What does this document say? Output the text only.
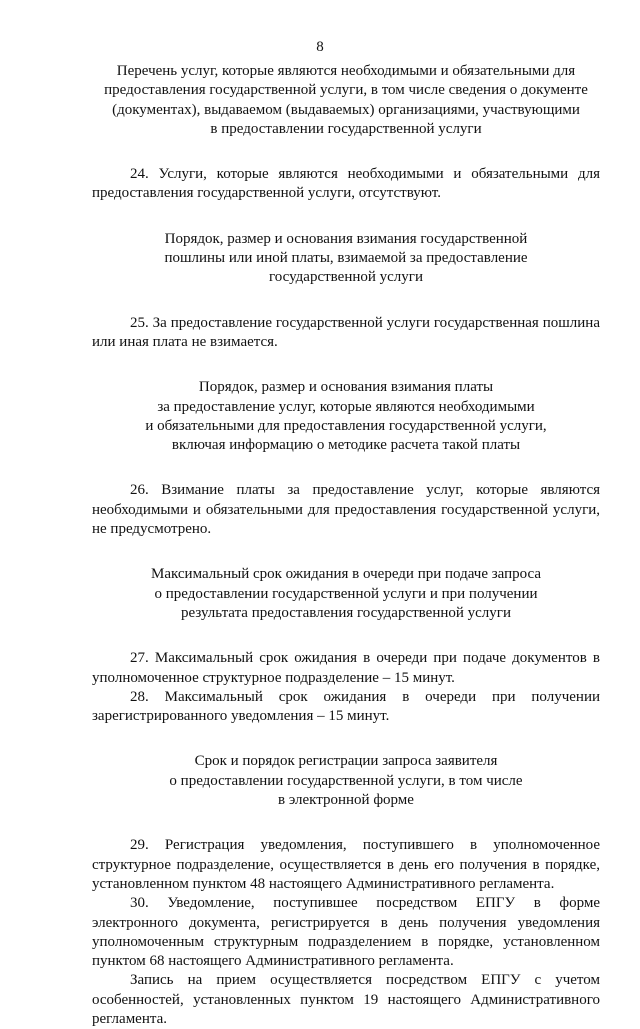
8
Перечень услуг, которые являются необходимыми и обязательными для
предоставления государственной услуги, в том числе сведения о документе
(документах), выдаваемом (выдаваемых) организациями, участвующими
в предоставлении государственной услуги

24. Услуги, которые являются необходимыми и обязательными для предоставления государственной услуги, отсутствуют.

Порядок, размер и основания взимания государственной
пошлины или иной платы, взимаемой за предоставление
государственной услуги

25. За предоставление государственной услуги государственная пошлина или иная плата не взимается.

Порядок, размер и основания взимания платы
за предоставление услуг, которые являются необходимыми
и обязательными для предоставления государственной услуги,
включая информацию о методике расчета такой платы

26. Взимание платы за предоставление услуг, которые являются необходимыми и обязательными для предоставления государственной услуги, не предусмотрено.

Максимальный срок ожидания в очереди при подаче запроса
о предоставлении государственной услуги и при получении
результата предоставления государственной услуги

27. Максимальный срок ожидания в очереди при подаче документов в уполномоченное структурное подразделение – 15 минут.

28. Максимальный срок ожидания в очереди при получении зарегистрированного уведомления – 15 минут.

Срок и порядок регистрации запроса заявителя
о предоставлении государственной услуги, в том числе
в электронной форме

29. Регистрация уведомления, поступившего в уполномоченное структурное подразделение, осуществляется в день его получения в порядке, установленном пунктом 48 настоящего Административного регламента.

30. Уведомление, поступившее посредством ЕПГУ в форме электронного документа, регистрируется в день получения уведомления уполномоченным структурным подразделением в порядке, установленном пунктом 68 настоящего Административного регламента.

Запись на прием осуществляется посредством ЕПГУ с учетом особенностей, установленных пунктом 19 настоящего Административного регламента.
